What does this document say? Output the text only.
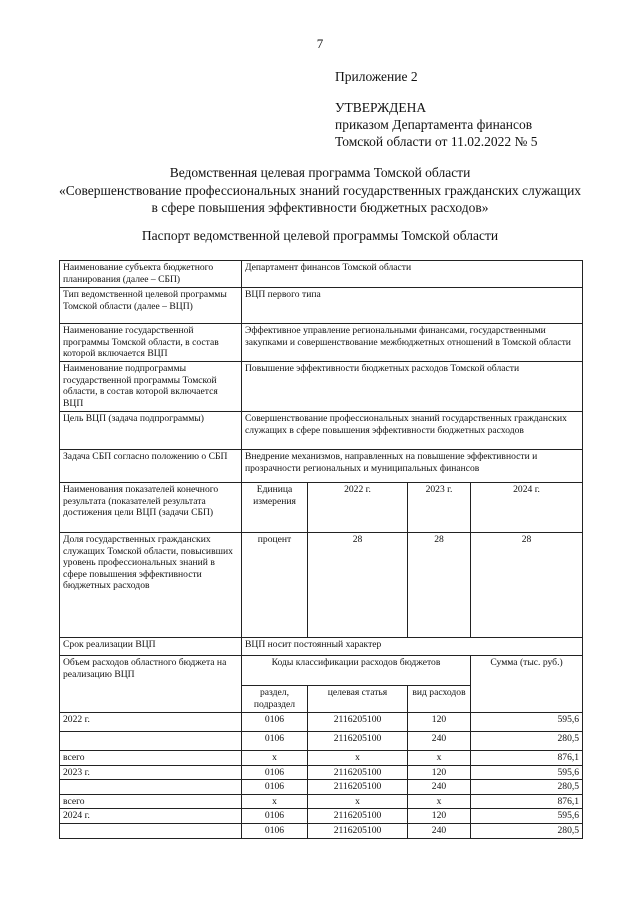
7
Приложение 2
УТВЕРЖДЕНА
приказом Департамента финансов
Томской области от 11.02.2022 № 5
Ведомственная целевая программа Томской области
«Совершенствование профессиональных знаний государственных гражданских служащих
в сфере повышения эффективности бюджетных расходов»
Паспорт ведомственной целевой программы Томской области
Наименование субъекта бюджетного планирования (далее – СБП)	Департамент финансов Томской области			
Тип ведомственной целевой программы Томской области (далее – ВЦП)	ВЦП первого типа			
Наименование государственной программы Томской области, в состав которой включается ВЦП	Эффективное управление региональными финансами, государственными закупками и совершенствование межбюджетных отношений в Томской области			
Наименование подпрограммы государственной программы Томской области, в состав которой включается ВЦП	Повышение эффективности бюджетных расходов Томской области			
Цель ВЦП (задача подпрограммы)	Совершенствование профессиональных знаний государственных гражданских служащих в сфере повышения эффективности бюджетных расходов			
Задача СБП согласно положению о СБП	Внедрение механизмов, направленных на повышение эффективности и прозрачности региональных и муниципальных финансов			
Наименования показателей конечного результата (показателей результата достижения цели ВЦП (задачи СБП)	Единица измерения	2022 г.	2023 г.	2024 г.
Доля государственных гражданских служащих Томской области, повысивших уровень профессиональных знаний в сфере повышения эффективности бюджетных расходов	процент	28	28	28
Срок реализации ВЦП	ВЦП носит постоянный характер			
Объем расходов областного бюджета на реализацию ВЦП	Коды классификации расходов бюджетов			Сумма (тыс. руб.)
	раздел, подраздел	целевая статья	вид расходов	
2022 г.	0106	2116205100	120	595,6
	0106	2116205100	240	280,5
всего	х	х	х	876,1
2023 г.	0106	2116205100	120	595,6
	0106	2116205100	240	280,5
всего	х	х	х	876,1
2024 г.	0106	2116205100	120	595,6
	0106	2116205100	240	280,5
